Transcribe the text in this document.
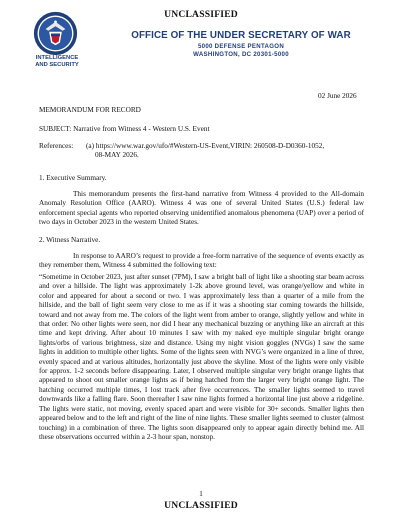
UNCLASSIFIED
INTELLIGENCE
AND SECURITY
OFFICE OF THE UNDER SECRETARY OF WAR
5000 DEFENSE PENTAGON
WASHINGTON, DC 20301-5000
02 June 2026
MEMORANDUM FOR RECORD
SUBJECT: Narrative from Witness 4 - Western U.S. Event
References: (a) https://www.war.gov/ufo/#Western-US-Event,VIRIN: 260508-D-D0360-1052,
08-MAY 2026.
1. Executive Summary.
This memorandum presents the first-hand narrative from Witness 4 provided to the All-domain Anomaly Resolution Office (AARO). Witness 4 was one of several United States (U.S.) federal law enforcement special agents who reported observing unidentified anomalous phenomena (UAP) over a period of two days in October 2023 in the western United States.
2. Witness Narrative.
In response to AARO’s request to provide a free-form narrative of the sequence of events exactly as they remember them, Witness 4 submitted the following text:
“Sometime in October 2023, just after sunset (7PM), I saw a bright ball of light like a shooting star beam across and over a hillside. The light was approximately 1-2k above ground level, was orange/yellow and white in color and appeared for about a second or two. I was approximately less than a quarter of a mile from the hillside, and the ball of light seem very close to me as if it was a shooting star coming towards the hillside, toward and not away from me. The colors of the light went from amber to orange, slightly yellow and white in that order. No other lights were seen, nor did I hear any mechanical buzzing or anything like an aircraft at this time and kept driving. After about 10 minutes I saw with my naked eye multiple singular bright orange lights/orbs of various brightness, size and distance. Using my night vision goggles (NVGs) I saw the same lights in addition to multiple other lights. Some of the lights seen with NVG’s were organized in a line of three, evenly spaced and at various altitudes, horizontally just above the skyline. Most of the lights were only visible for approx. 1-2 seconds before disappearing. Later, I observed multiple singular very bright orange lights that appeared to shoot out smaller orange lights as if being hatched from the larger very bright orange light. The hatching occurred multiple times, I lost track after five occurrences. The smaller lights seemed to travel downwards like a falling flare. Soon thereafter I saw nine lights formed a horizontal line just above a ridgeline. The lights were static, not moving, evenly spaced apart and were visible for 30+ seconds. Smaller lights then appeared below and to the left and right of the line of nine lights. These smaller lights seemed to cluster (almost touching) in a combination of three. The lights soon disappeared only to appear again directly behind me. All these observations occurred within a 2-3 hour span, nonstop.
1
UNCLASSIFIED
